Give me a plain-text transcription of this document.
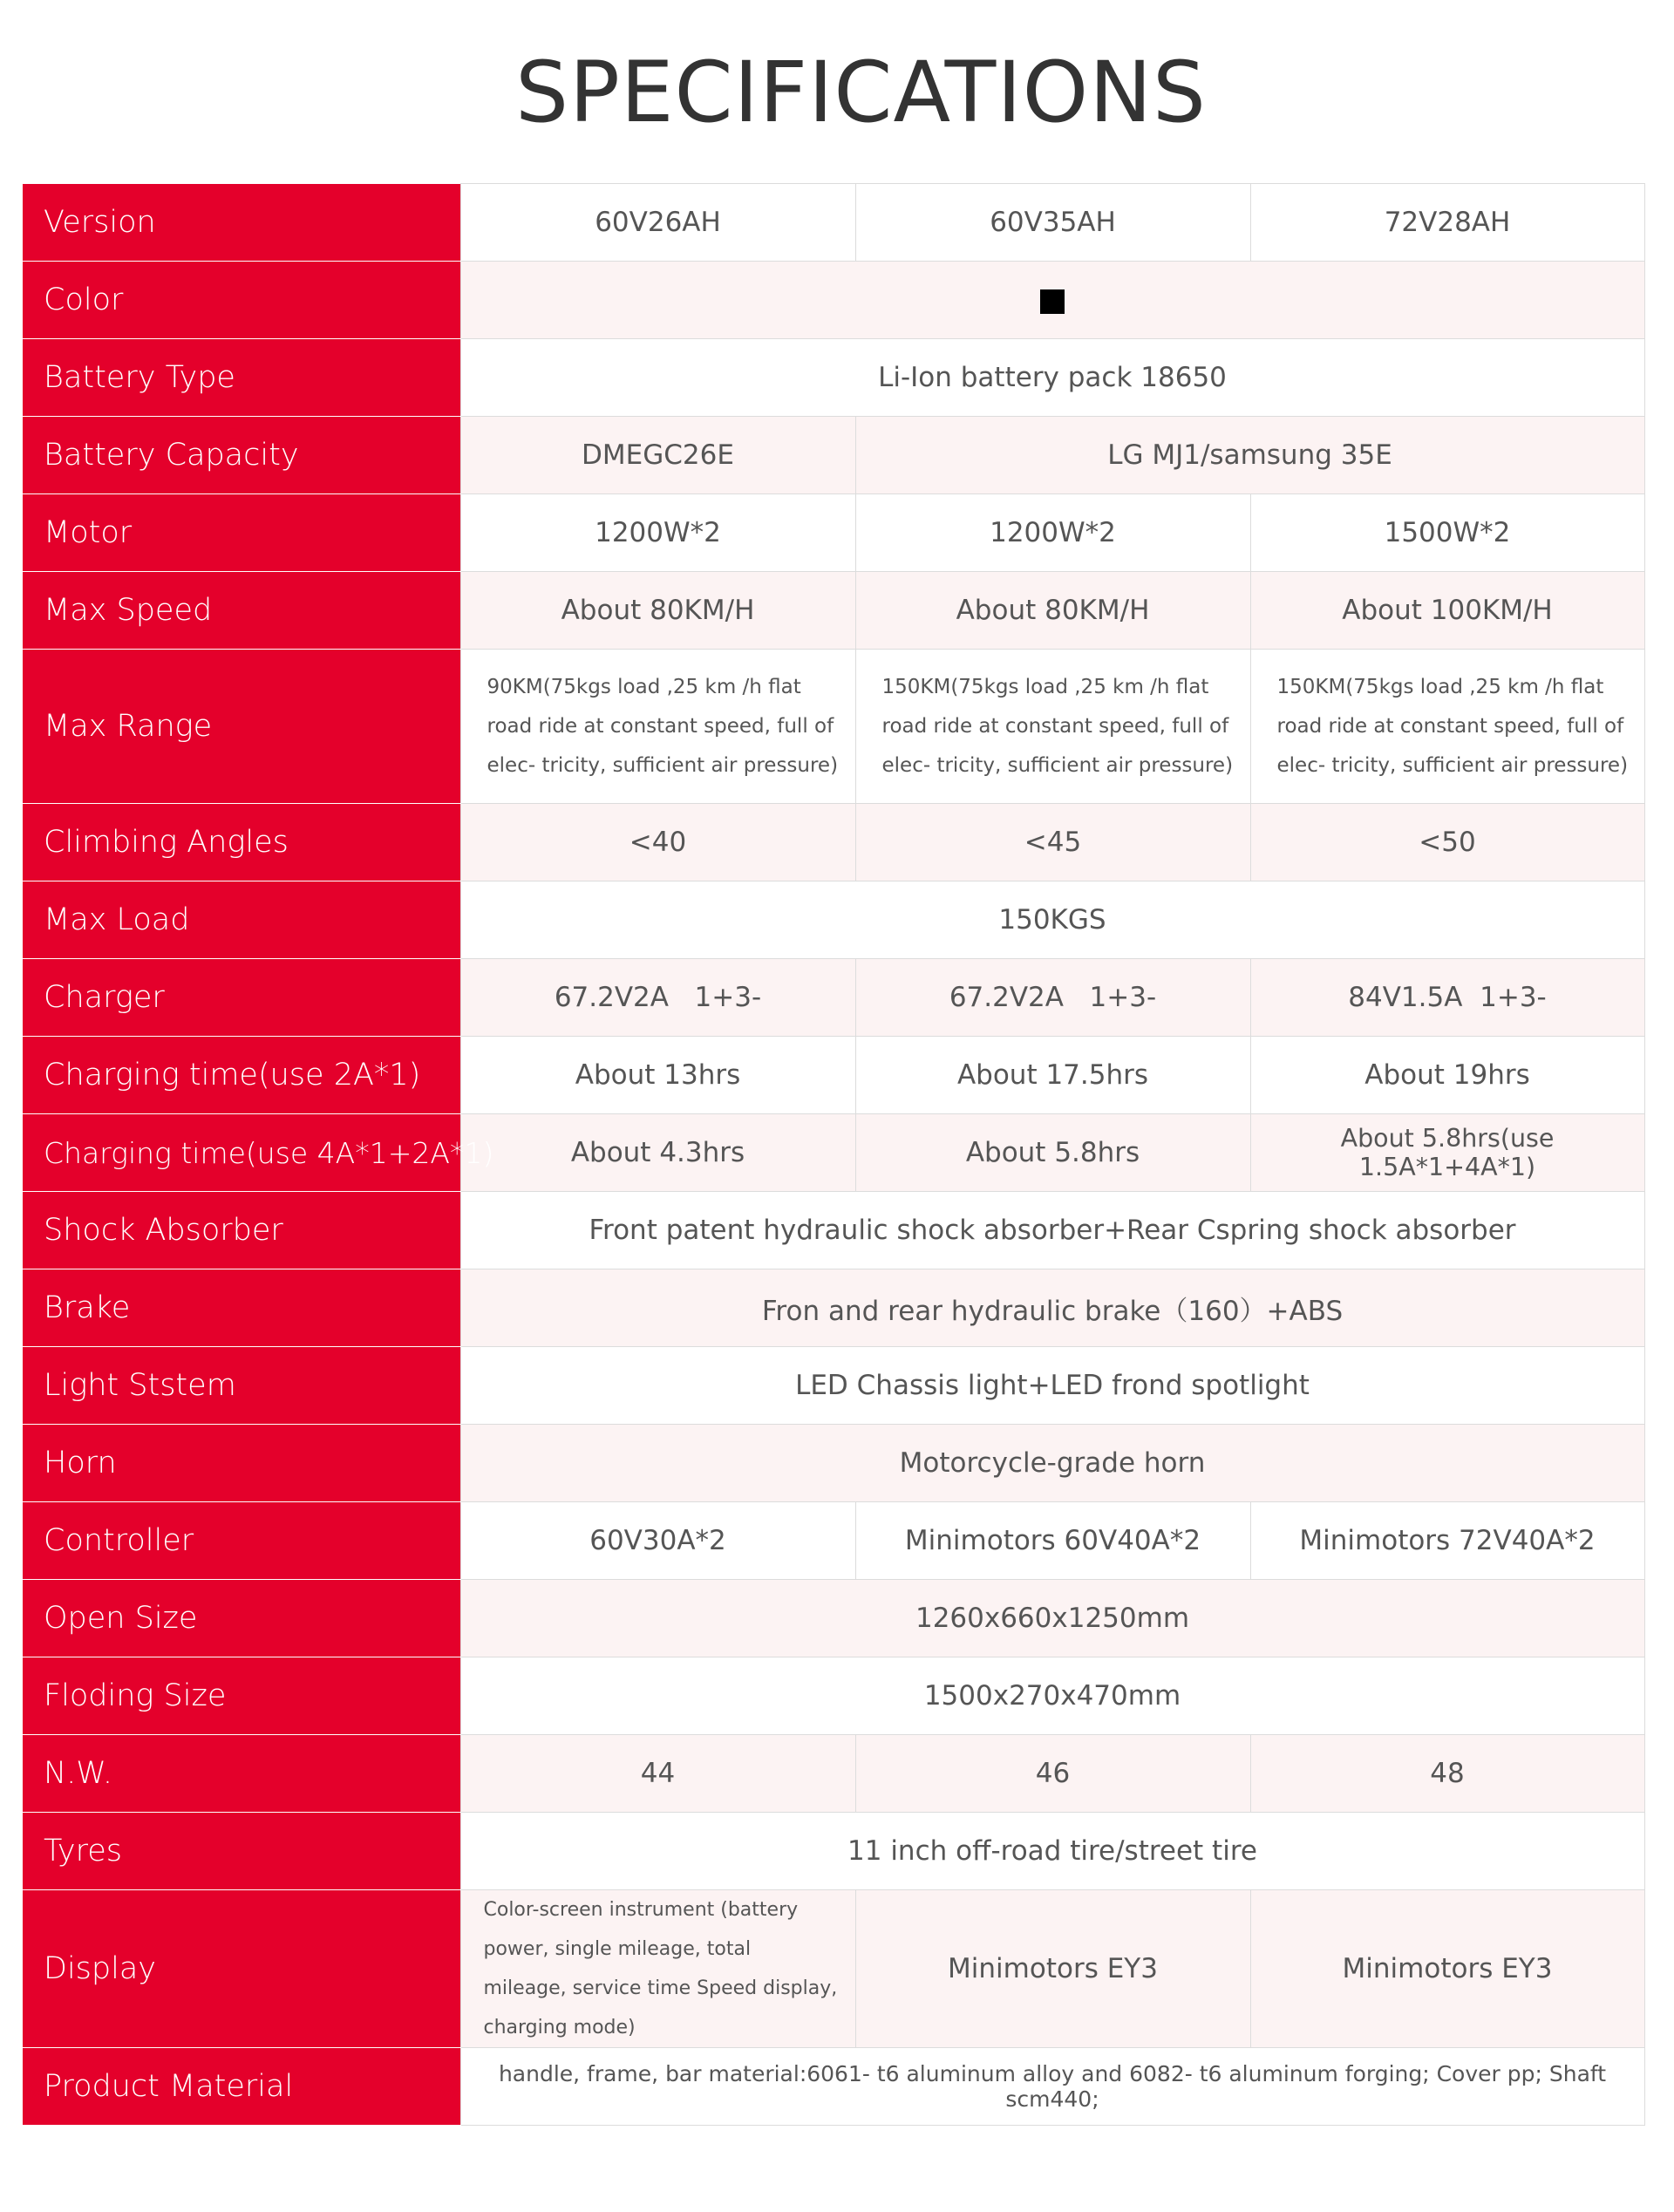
SPECIFICATIONS
Version	60V26AH	60V35AH	72V28AH
Color			
Battery Type	Li-Ion battery pack 18650		
Battery Capacity	DMEGC26E	LG MJ1/samsung 35E	
Motor	1200W*2	1200W*2	1500W*2
Max Speed	About 80KM/H	About 80KM/H	About 100KM/H
Max Range	90KM(75kgs load ,25 km /h flat road ride at constant speed, full of elec- tricity, sufficient air pressure)	150KM(75kgs load ,25 km /h flat road ride at constant speed, full of elec- tricity, sufficient air pressure)	150KM(75kgs load ,25 km /h flat road ride at constant speed, full of elec- tricity, sufficient air pressure)
Climbing Angles	<40	<45	<50
Max Load	150KGS		
Charger	67.2V2A   1+3-	67.2V2A   1+3-	84V1.5A  1+3-
Charging time(use 2A*1)	About 13hrs	About 17.5hrs	About 19hrs
Charging time(use 4A*1+2A*1)	About 4.3hrs	About 5.8hrs	About 5.8hrs(use 1.5A*1+4A*1)
Shock Absorber	Front patent hydraulic shock absorber+Rear Cspring shock absorber		
Brake	Fron and rear hydraulic brake（160）+ABS		
Light Ststem	LED Chassis light+LED frond spotlight		
Horn	Motorcycle-grade horn		
Controller	60V30A*2	Minimotors 60V40A*2	Minimotors 72V40A*2
Open Size	1260x660x1250mm		
Floding Size	1500x270x470mm		
N.W.	44	46	48
Tyres	11 inch off-road tire/street tire		
Display	Color-screen instrument (battery power, single mileage, total mileage, service time Speed display, charging mode)	Minimotors EY3	Minimotors EY3
Product Material	handle, frame, bar material:6061- t6 aluminum alloy and 6082- t6 aluminum forging; Cover pp; Shaft scm440;		
